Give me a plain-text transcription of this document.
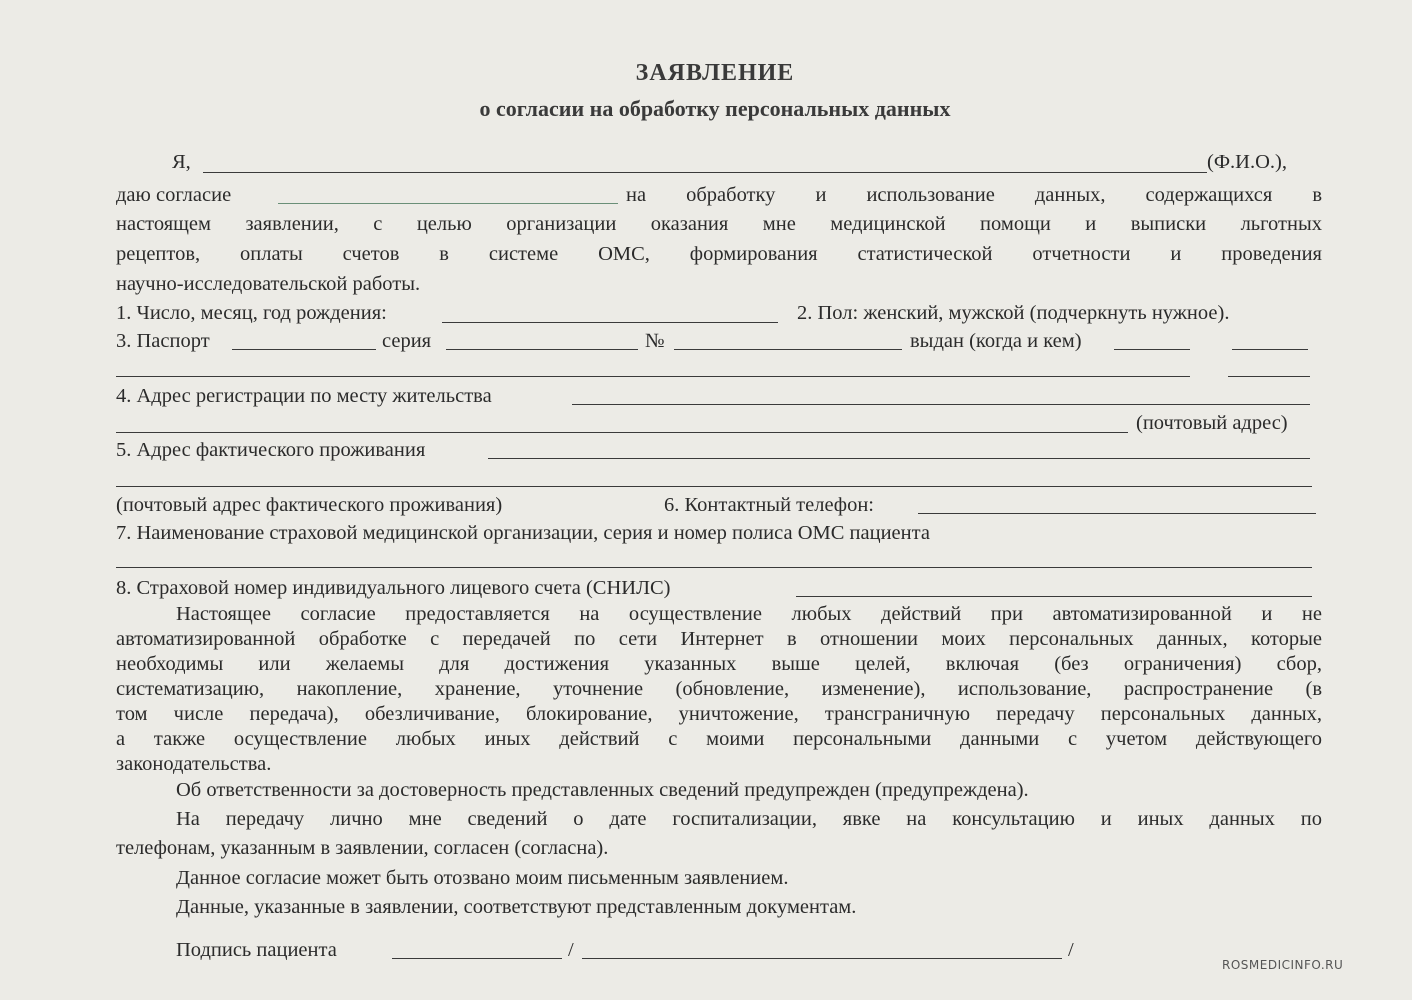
ЗАЯВЛЕНИЕ
о согласии на обработку персональных данных
Я,	(Ф.И.О.),
даю согласие	на обработку и использование данных, содержащихся в
настоящем заявлении, с целью организации оказания мне медицинской помощи и выписки льготных
рецептов, оплаты счетов в системе ОМС, формирования статистической отчетности и проведения
научно-исследовательской работы.
1. Число, месяц, год рождения:	2. Пол: женский, мужской (подчеркнуть нужное).
3. Паспорт	серия	№	выдан (когда и кем)
4. Адрес регистрации по месту жительства
(почтовый адрес)
5. Адрес фактического проживания
(почтовый адрес фактического проживания)	6. Контактный телефон:
7. Наименование страховой медицинской организации, серия и номер полиса ОМС пациента
8. Страховой номер индивидуального лицевого счета (СНИЛС)
Настоящее согласие предоставляется на осуществление любых действий при автоматизированной и не
автоматизированной обработке с передачей по сети Интернет в отношении моих персональных данных, которые
необходимы или желаемы для достижения указанных выше целей, включая (без ограничения) сбор,
систематизацию, накопление, хранение, уточнение (обновление, изменение), использование, распространение (в
том числе передача), обезличивание, блокирование, уничтожение, трансграничную передачу персональных данных,
а также осуществление любых иных действий с моими персональными данными с учетом действующего
законодательства.
Об ответственности за достоверность представленных сведений предупрежден (предупреждена).
На передачу лично мне сведений о дате госпитализации, явке на консультацию и иных данных по
телефонам, указанным в заявлении, согласен (согласна).
Данное согласие может быть отозвано моим письменным заявлением.
Данные, указанные в заявлении, соответствуют представленным документам.
Подпись пациента	/	/
ROSMEDICINFO.RU
